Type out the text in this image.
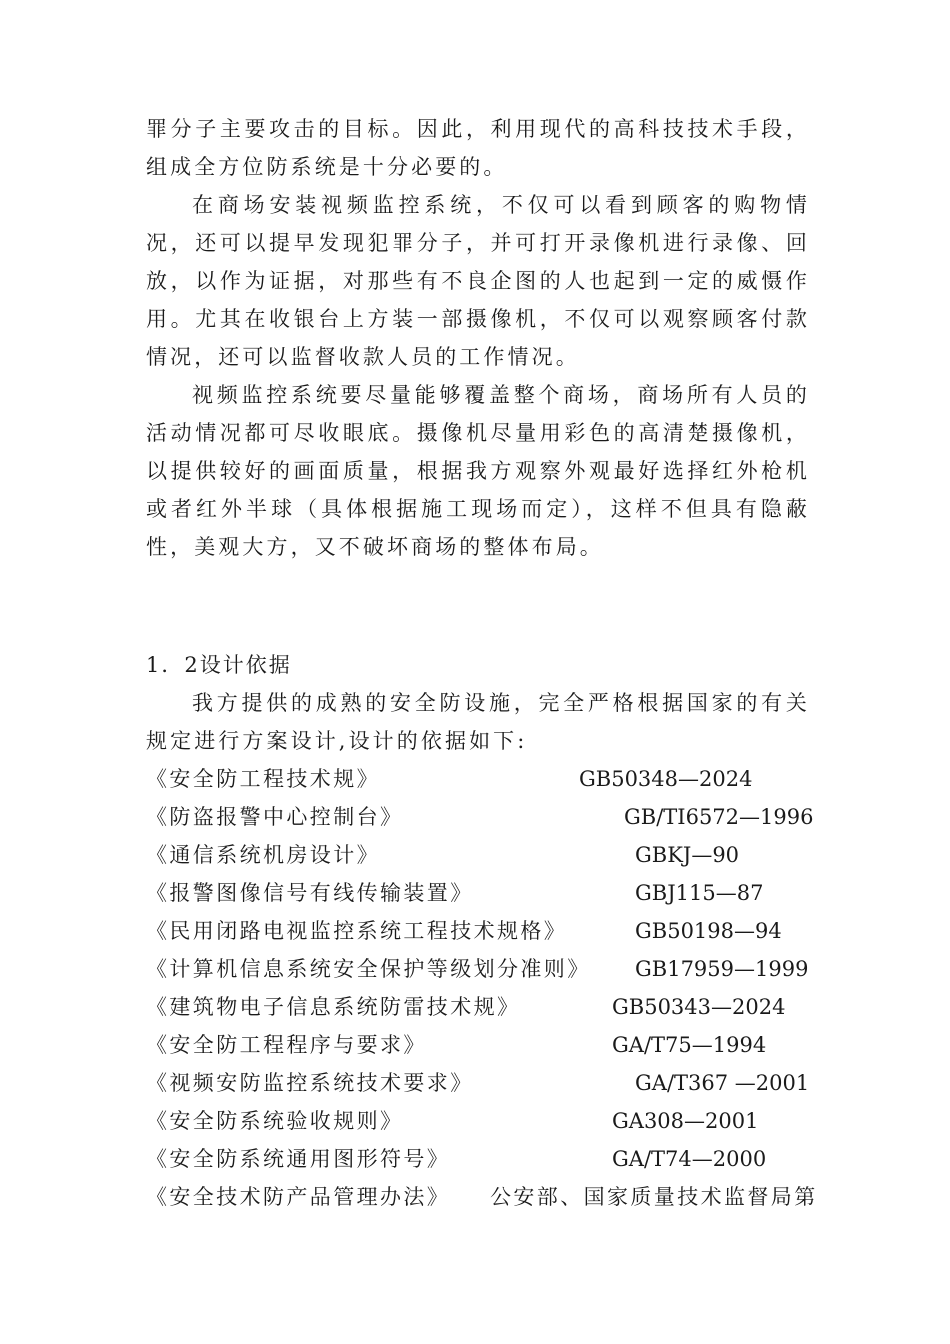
罪分子主要攻击的目标。因此，利用现代的高科技技术手段，组成全方位防系统是十分必要的。

在商场安装视频监控系统，不仅可以看到顾客的购物情况，还可以提早发现犯罪分子，并可打开录像机进行录像、回放，以作为证据，对那些有不良企图的人也起到一定的威慑作用。尤其在收银台上方装一部摄像机，不仅可以观察顾客付款情况，还可以监督收款人员的工作情况。

视频监控系统要尽量能够覆盖整个商场，商场所有人员的活动情况都可尽收眼底。摄像机尽量用彩色的高清楚摄像机，以提供较好的画面质量，根据我方观察外观最好选择红外枪机或者红外半球（具体根据施工现场而定），这样不但具有隐蔽性，美观大方，又不破坏商场的整体布局。

1．2设计依据

我方提供的成熟的安全防设施，完全严格根据国家的有关规定进行方案设计,设计的依据如下:

《安全防工程技术规》	GB50348—2024
《防盗报警中心控制台》	GB/TI6572—1996
《通信系统机房设计》	GBKJ—90
《报警图像信号有线传输装置》	GBJ115—87
《民用闭路电视监控系统工程技术规格》	GB50198—94
《计算机信息系统安全保护等级划分准则》 GB17959—1999
《建筑物电子信息系统防雷技术规》	GB50343—2024
《安全防工程程序与要求》	GA/T75—1994
《视频安防监控系统技术要求》	GA/T367 —2001
《安全防系统验收规则》	GA308—2001
《安全防系统通用图形符号》	GA/T74—2000
《安全技术防产品管理办法》 公安部、国家质量技术监督局第
